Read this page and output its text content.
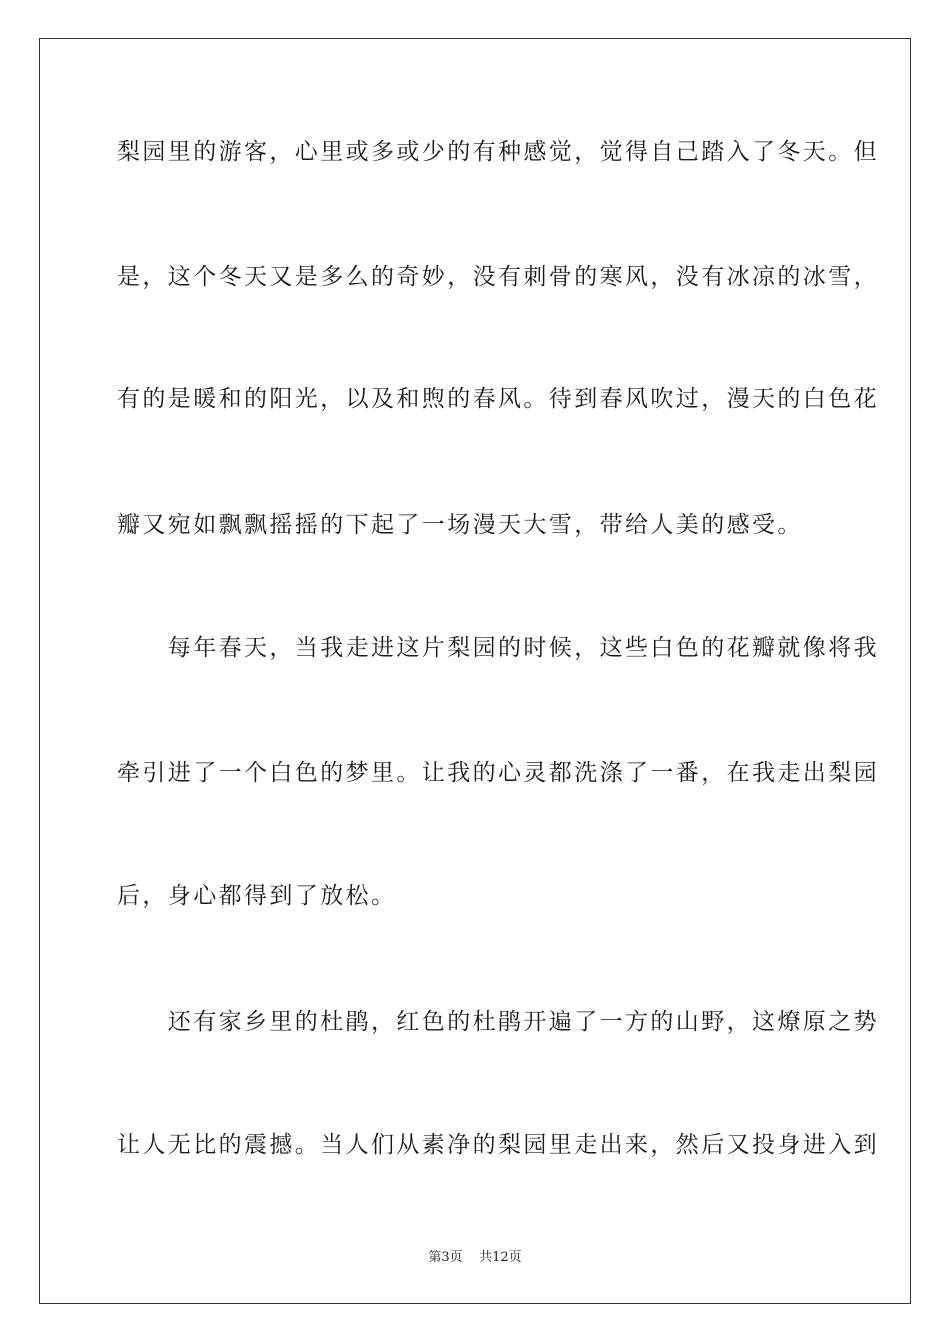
梨园里的游客，心里或多或少的有种感觉，觉得自己踏入了冬天。但
是，这个冬天又是多么的奇妙，没有刺骨的寒风，没有冰凉的冰雪，
有的是暖和的阳光，以及和煦的春风。待到春风吹过，漫天的白色花
瓣又宛如飘飘摇摇的下起了一场漫天大雪，带给人美的感受。
　　每年春天，当我走进这片梨园的时候，这些白色的花瓣就像将我
牵引进了一个白色的梦里。让我的心灵都洗涤了一番，在我走出梨园
后，身心都得到了放松。
　　还有家乡里的杜鹃，红色的杜鹃开遍了一方的山野，这燎原之势
让人无比的震撼。当人们从素净的梨园里走出来，然后又投身进入到
第3页    共12页
